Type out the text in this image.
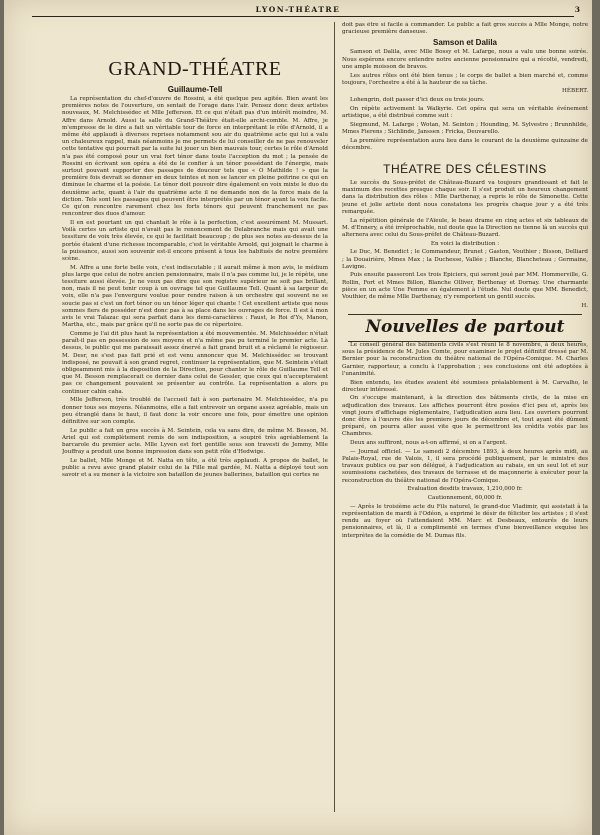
LYON-THÉATRE	3
GRAND-THÉATRE
Guillaume-Tell

La représentation du chef-d'œuvre de Rossini, a été quelque peu agitée. Bien avant les premières notes de l'ouverture, on sentait de l'orage dans l'air. Pensez donc deux artistes nouveaux, M. Melchissédec et Mlle Jefferson. Et ce qui n'était pas d'un intérêt moindre, M. Affre dans Arnold. Aussi la salle du Grand-Théâtre était-elle archi-comble. M. Affre, je m'empresse de le dire a fait un véritable tour de force en interprétant le rôle d'Arnold, il a même été applaudi à diverses reprises notamment sou air du quatrième acte qui lui a valu un chaleureux rappel, mais néanmoins je me permets de lui conseiller de ne pas renouveler cette tentative qui pourrait par la suite lui jouer un bien mauvais tour, certes le rôle d'Arnold n'a pas été composé pour un vrai fort ténor dans toute l'acception du mot ; la pensée de Rossini en écrivant son opéra a été de le confier à un ténor possédant de l'énergie, mais surtout pouvant supporter des passages de douceur tels que « O Mathilde ! » que la première fois devrait se donner en deux teintes et non se lancer en pleine poitrine ce qui en diminue le charme et la poésie. Le ténor doit pouvoir dire également en voix mixte le duo du deuxième acte, quant à l'air du quatrième acte il ne demande non de la force mais de la diction. Tels sont les passages qui peuvent être interprétés par un ténor ayant la voix facile. Ce qu'on rencontre rarement chez les forts ténors qui peuvent franchement ne pas rencontrer des duos d'amour.

Il en est pourtant un qui chantait le rôle à la perfection, c'est assurément M. Mussart. Voilà certes un artiste qui n'avait pas le renoncement de Delabranche mais qui avait une tessiture de voix très élevée, ce qui le facilitait beaucoup ; de plus ses notes au-dessus de la portée étaient d'une richesse incomparable, c'est le véritable Arnold, qui joignait le charme à la puissance, aussi son souvenir est-il encore présent à tous les habitués de notre première scène.

M. Affre a une forte belle voix, c'est indiscutable ; il aurait même à mon avis, le médium plus large que celui de notre ancien pensionnaire, mais il n'a pas comme lui, je le répète, une tessiture aussi élevée. Je ne veux pas dire que son registre supérieur ne soit pas brillant, non, mais il ne peut tenir coup à un ouvrage tel que Guillaume Tell. Quant à sa largeur de voix, elle n'a pas l'envergure voulue pour rendre raison à un orchestre qui souvent ne se soucie pas si c'est un fort ténor ou un ténor léger qui chante ! Cet excellent artiste que nous sommes fiers de posséder n'est donc pas à sa place dans les ouvrages de force. Il est à mon avis le vrai Talazac qui sera parfait dans les demi-caractères : Faust, le Roi d'Ys, Manon, Martha, etc., mais par grâce qu'il ne sorte pas de ce répertoire.

Comme je l'ai dit plus haut la représentation a été mouvementée. M. Melchissédec n'était paraît-il pas en possession de ses moyens et n'a même pas pu terminé le premier acte. Là dessus, le public qui me paraissait assez énervé a fait grand bruit et a réclamé le régisseur. M. Desr, ne s'est pas fait prié et est venu annoncer que M. Melchissédec se trouvant indisposé, ne pouvait à son grand regret, continuer la représentation, que M. Seintein s'était obligeamment mis à la disposition de la Direction, pour chanter le rôle de Guillaume Tell et que M. Besson remplacerait ce dernier dans celui de Gessler, que ceux qui n'accepteraient pas ce changement pouvaient se présenter au contrôle. La représentation a alors pu continuer cahin caha.

Mlle Jefferson, très troublé de l'accueil fait à son partenaire M. Melchissédec, n'a pu donner tous ses moyens. Néanmoins, elle a fait entrevoir un organe assez agréable, mais un peu étranglé dans le haut, il faut donc la voir encore une fois, pour émettre une opinion définitive sur son compte.

Le public a fait un gros succès à M. Seintein, cela va sans dire, de même M. Besson, M. Ariel qui est complètement remis de son indisposition, a soupiré très agréablement la barcarole du premier acte. Mlle Lyven est fort gentille sous son travesti de Jemmy, Mlle Jouffray a produit une bonne impression dans son petit rôle d'Hedwige.

Le ballet, Mlle Monge et M. Natta en tête, a été très applaudi. A propos de ballet, le public a revu avec grand plaisir celui de la Fille mal gardée, M. Natta a déployé tout son savoir et a su mener à la victoire son bataillon de jeunes ballerines, bataillon qui certes ne

doit pas être si facile à commander. Le public a fait gros succès à Mlle Monge, notre gracieuse première danseuse.
Samson et Dalila

Samson et Dalila, avec Mlle Bossy et M. Lafarge, nous a valu une bonne soirée. Nous espérons encore entendre notre ancienne pensionnaire qui a récolté, vendredi, une ample moisson de bravos.

Les autres rôles ont été bien tenus ; le corps de ballet a bien marché et, comme toujours, l'orchestre a été à la hauteur de sa tâche.

HÉBERT.

Lohengrin, doit passer d'ici deux ou trois jours.

On répète activement la Walkyrie. Cet opéra qui sera un véritable événement artistique, a été distribué comme suit :

Siegmund, M. Lafarge ; Wotan, M. Seinton ; Hounding, M. Sylvestre ; Brunnhilde, Mmes Fierens ; Sichlinde, Janssen ; Fricka, Deuvarello.

La première représentation aura lieu dans le courant de la deuxième quinzaine de décembre.

THÉATRE DES CÉLESTINS

Le succès du Sous-préfet de Château-Buzard va toujours grandissant et fait le maximum des recettes presque chaque soir. Il s'est produit un heureux changement dans la distribution des rôles : Mlle Darthenay, a repris le rôle de Simonette. Cette jeune et jolie artiste dont nous constatons les progrès chaque jour y a été très remarquée.

La répétition générale de l'Aïeule, le beau drame en cinq actes et six tableaux de M. d'Ennery, a été irréprochable, nul doute que la Direction ne tienne là un succès qui alternera avec celui du Sous-préfet de Château-Buzard.

En voici la distribution :

Le Duc, M. Benedict ; le Commandeur, Brunet ; Gaston, Vouthier ; Bisson, Delliard ; la Douairière, Mmes Max ; la Duchesse, Vallée ; Blanche, Blancheteau ; Germaine, Lavigne.

Puis ensuite passeront Les trois Epiciers, qui seront joué par MM. Hommerville, G. Rollin, Fort et Mmes Billon, Blanche Olliver, Berthenay et Dornay. Une charmante pièce en un acte Une Femme en également à l'étude. Nul doute que MM. Benedict, Vouthier, de même Mlle Darthenay, n'y remportent un gentil succès.

H.

Nouvelles de partout

Le conseil général des bâtiments civils s'est réuni le 8 novembre, à deux heures, sous la présidence de M. Jules Comte, pour examiner le projet définitif dressé par M. Bernier pour la reconstruction du théâtre national de l'Opéra-Comique. M. Charles Garnier, rapporteur, a conclu à l'approbation ; ses conclusions ont été adoptées à l'unanimité.

Bien entendu, les études avaient été soumises préalablement à M. Carvalho, le directeur intéressé.

On s'occupe maintenant, à la direction des bâtiments civils, de la mise en adjudication des travaux. Les affiches pourront être posées d'ici peu et, après les vingt jours d'affichage réglementaire, l'adjudication aura lieu. Les ouvriers pourront donc être à l'œuvre dès les premiers jours de décembre et, tout ayant été dûment préparé, on pourra aller aussi vite que le permettront les crédits votés par les Chambres.

Deux ans suffiront, nous a-t-on affirmé, si on a l'argent.

— Journal officiel. — Le samedi 2 décembre 1893, à deux heures après midi, au Palais-Royal, rue de Valois, 1, il sera procédé publiquement, par le ministre des travaux publics ou par son délégué, à l'adjudication au rabais, en un seul lot et sur soumissions cachetées, des travaux de terrasse et de maçonnerie à exécuter pour la reconstruction du théâtre national de l'Opéra-Comique.

Evaluation desdits travaux, 1,210,000 fr.

Cautionnement, 60,000 fr.

— Après le troisième acte du Fils naturel, le grand-duc Vladimir, qui assistait à la représentation de mardi à l'Odéon, a exprimé le désir de féliciter les artistes ; il s'est rendu au foyer où l'attendaient MM. Marc et Desbeaux, entourés de leurs pensionnaires, et là, il a complimenté en termes d'une bienveillance exquise les interprètes de la comédie de M. Dumas fils.
